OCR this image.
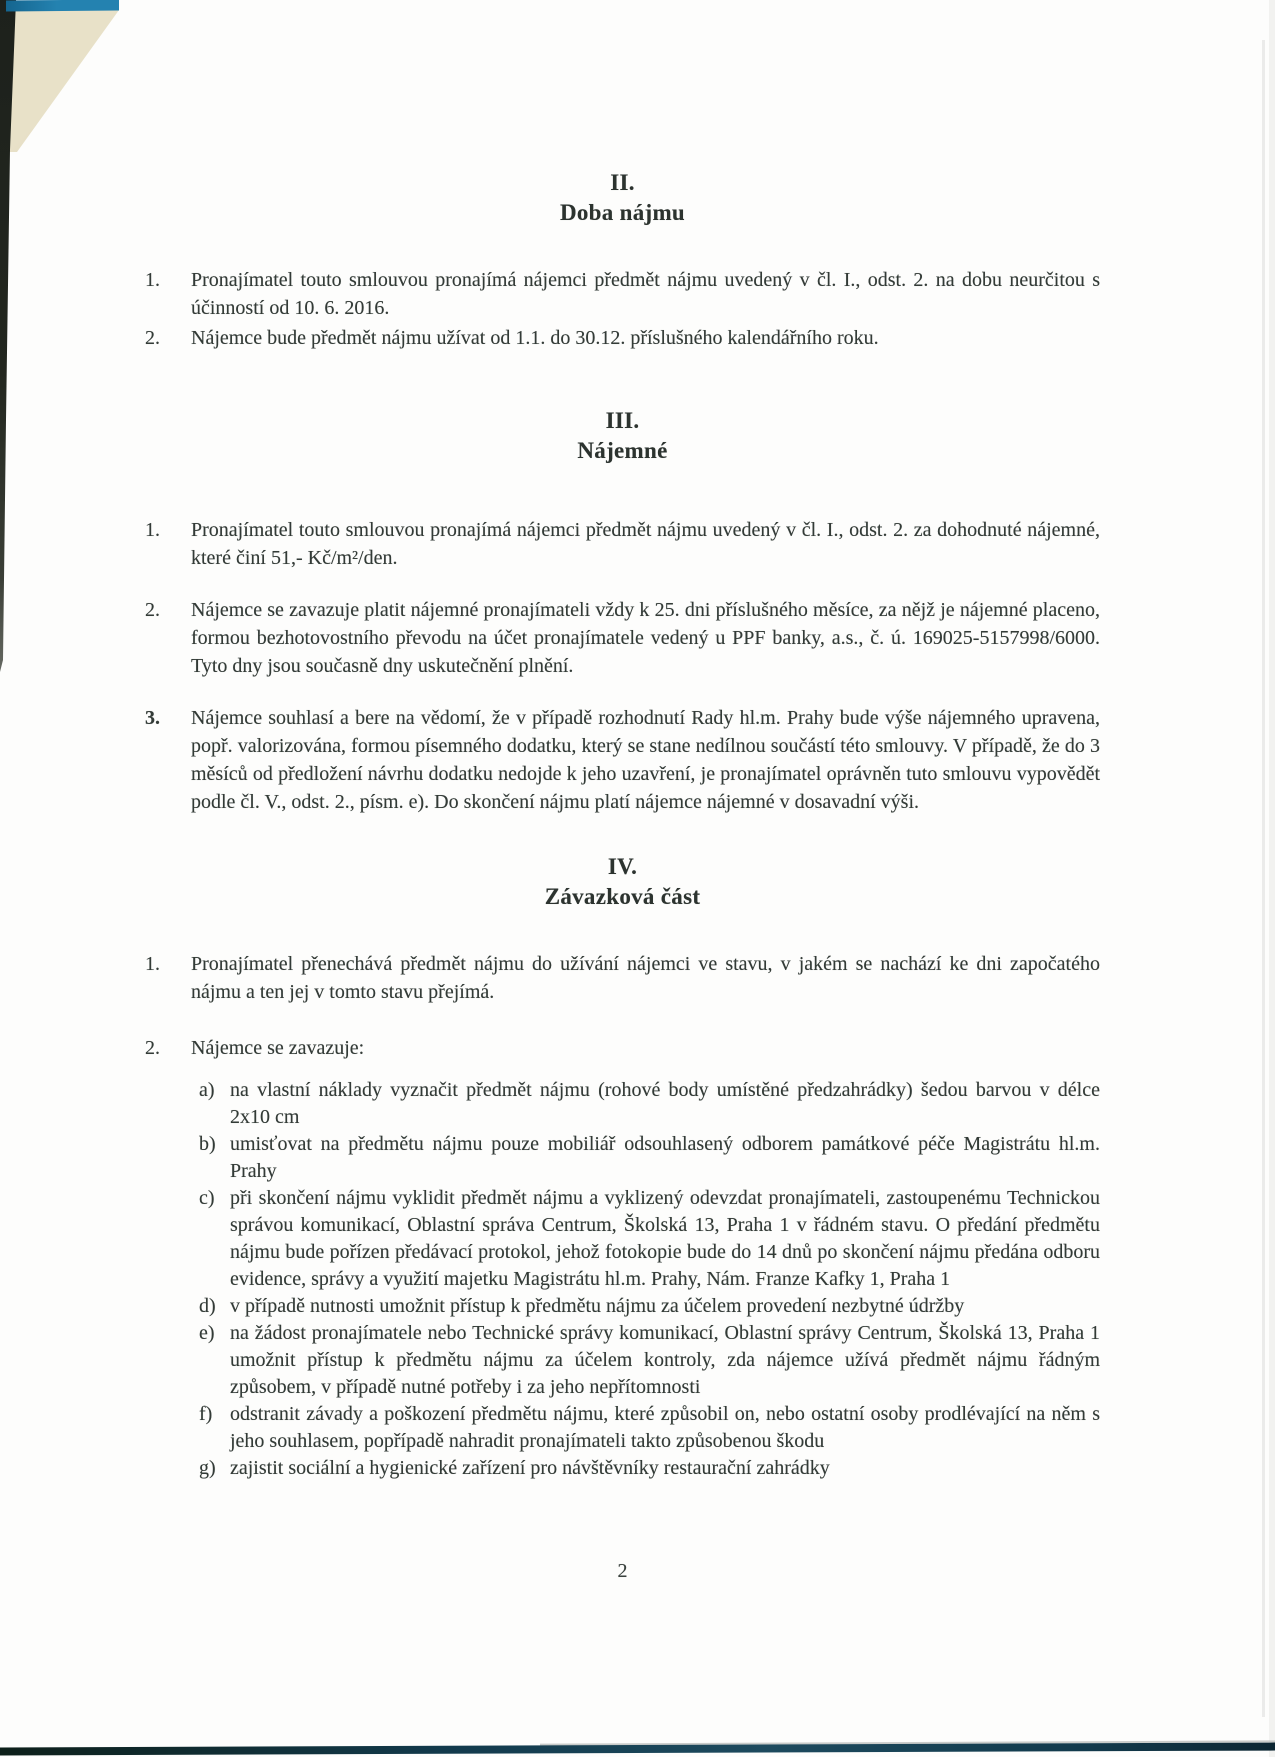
II.
Doba nájmu
1.	Pronajímatel touto smlouvou pronajímá nájemci předmět nájmu uvedený v čl. I., odst. 2. na dobu neurčitou s účinností od 10. 6. 2016.
2.	Nájemce bude předmět nájmu užívat od 1.1. do 30.12. příslušného kalendářního roku.
III.
Nájemné
1.	Pronajímatel touto smlouvou pronajímá nájemci předmět nájmu uvedený v čl. I., odst. 2. za dohodnuté nájemné, které činí 51,- Kč/m²/den.
2.	Nájemce se zavazuje platit nájemné pronajímateli vždy k 25. dni příslušného měsíce, za nějž je nájemné placeno, formou bezhotovostního převodu na účet pronajímatele vedený u PPF banky, a.s., č. ú. 169025-5157998/6000. Tyto dny jsou současně dny uskutečnění plnění.
3.	Nájemce souhlasí a bere na vědomí, že v případě rozhodnutí Rady hl.m. Prahy bude výše nájemného upravena, popř. valorizována, formou písemného dodatku, který se stane nedílnou součástí této smlouvy. V případě, že do 3 měsíců od předložení návrhu dodatku nedojde k jeho uzavření, je pronajímatel oprávněn tuto smlouvu vypovědět podle čl. V., odst. 2., písm. e). Do skončení nájmu platí nájemce nájemné v dosavadní výši.
IV.
Závazková část
1.	Pronajímatel přenechává předmět nájmu do užívání nájemci ve stavu, v jakém se nachází ke dni započatého nájmu a ten jej v tomto stavu přejímá.
2.	Nájemce se zavazuje:
a) na vlastní náklady vyznačit předmět nájmu (rohové body umístěné předzahrádky) šedou barvou v délce 2x10 cm
b) umisťovat na předmětu nájmu pouze mobiliář odsouhlasený odborem památkové péče Magistrátu hl.m. Prahy
c) při skončení nájmu vyklidit předmět nájmu a vyklizený odevzdat pronajímateli, zastoupenému Technickou správou komunikací, Oblastní správa Centrum, Školská 13, Praha 1 v řádném stavu. O předání předmětu nájmu bude pořízen předávací protokol, jehož fotokopie bude do 14 dnů po skončení nájmu předána odboru evidence, správy a využití majetku Magistrátu hl.m. Prahy, Nám. Franze Kafky 1, Praha 1
d) v případě nutnosti umožnit přístup k předmětu nájmu za účelem provedení nezbytné údržby
e) na žádost pronajímatele nebo Technické správy komunikací, Oblastní správy Centrum, Školská 13, Praha 1 umožnit přístup k předmětu nájmu za účelem kontroly, zda nájemce užívá předmět nájmu řádným způsobem, v případě nutné potřeby i za jeho nepřítomnosti
f) odstranit závady a poškození předmětu nájmu, které způsobil on, nebo ostatní osoby prodlévající na něm s jeho souhlasem, popřípadě nahradit pronajímateli takto způsobenou škodu
g) zajistit sociální a hygienické zařízení pro návštěvníky restaurační zahrádky
2
